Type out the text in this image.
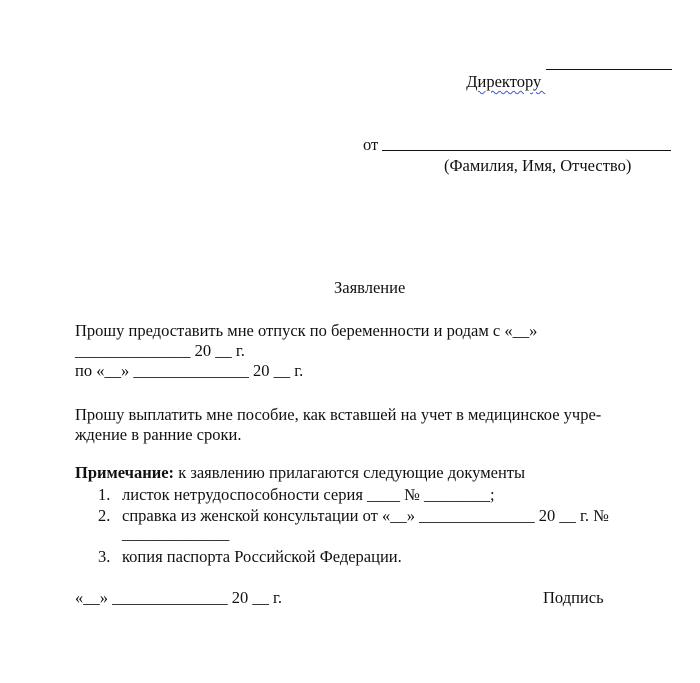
Директору

от
(Фамилия, Имя, Отчество)
Заявление
Прошу предоставить мне отпуск по беременности и родам с «__»
______________ 20 __ г.
по «__» ______________ 20 __ г.
Прошу выплатить мне пособие, как вставшей на учет в медицинское учре-
ждение в ранние сроки.
Примечание: к заявлению прилагаются следующие документы
1. листок нетрудоспособности серия ____ № ________;
2. справка из женской консультации от «__» ______________ 20 __ г. №
_____________
3. копия паспорта Российской Федерации.
«__» ______________ 20 __ г.	Подпись
